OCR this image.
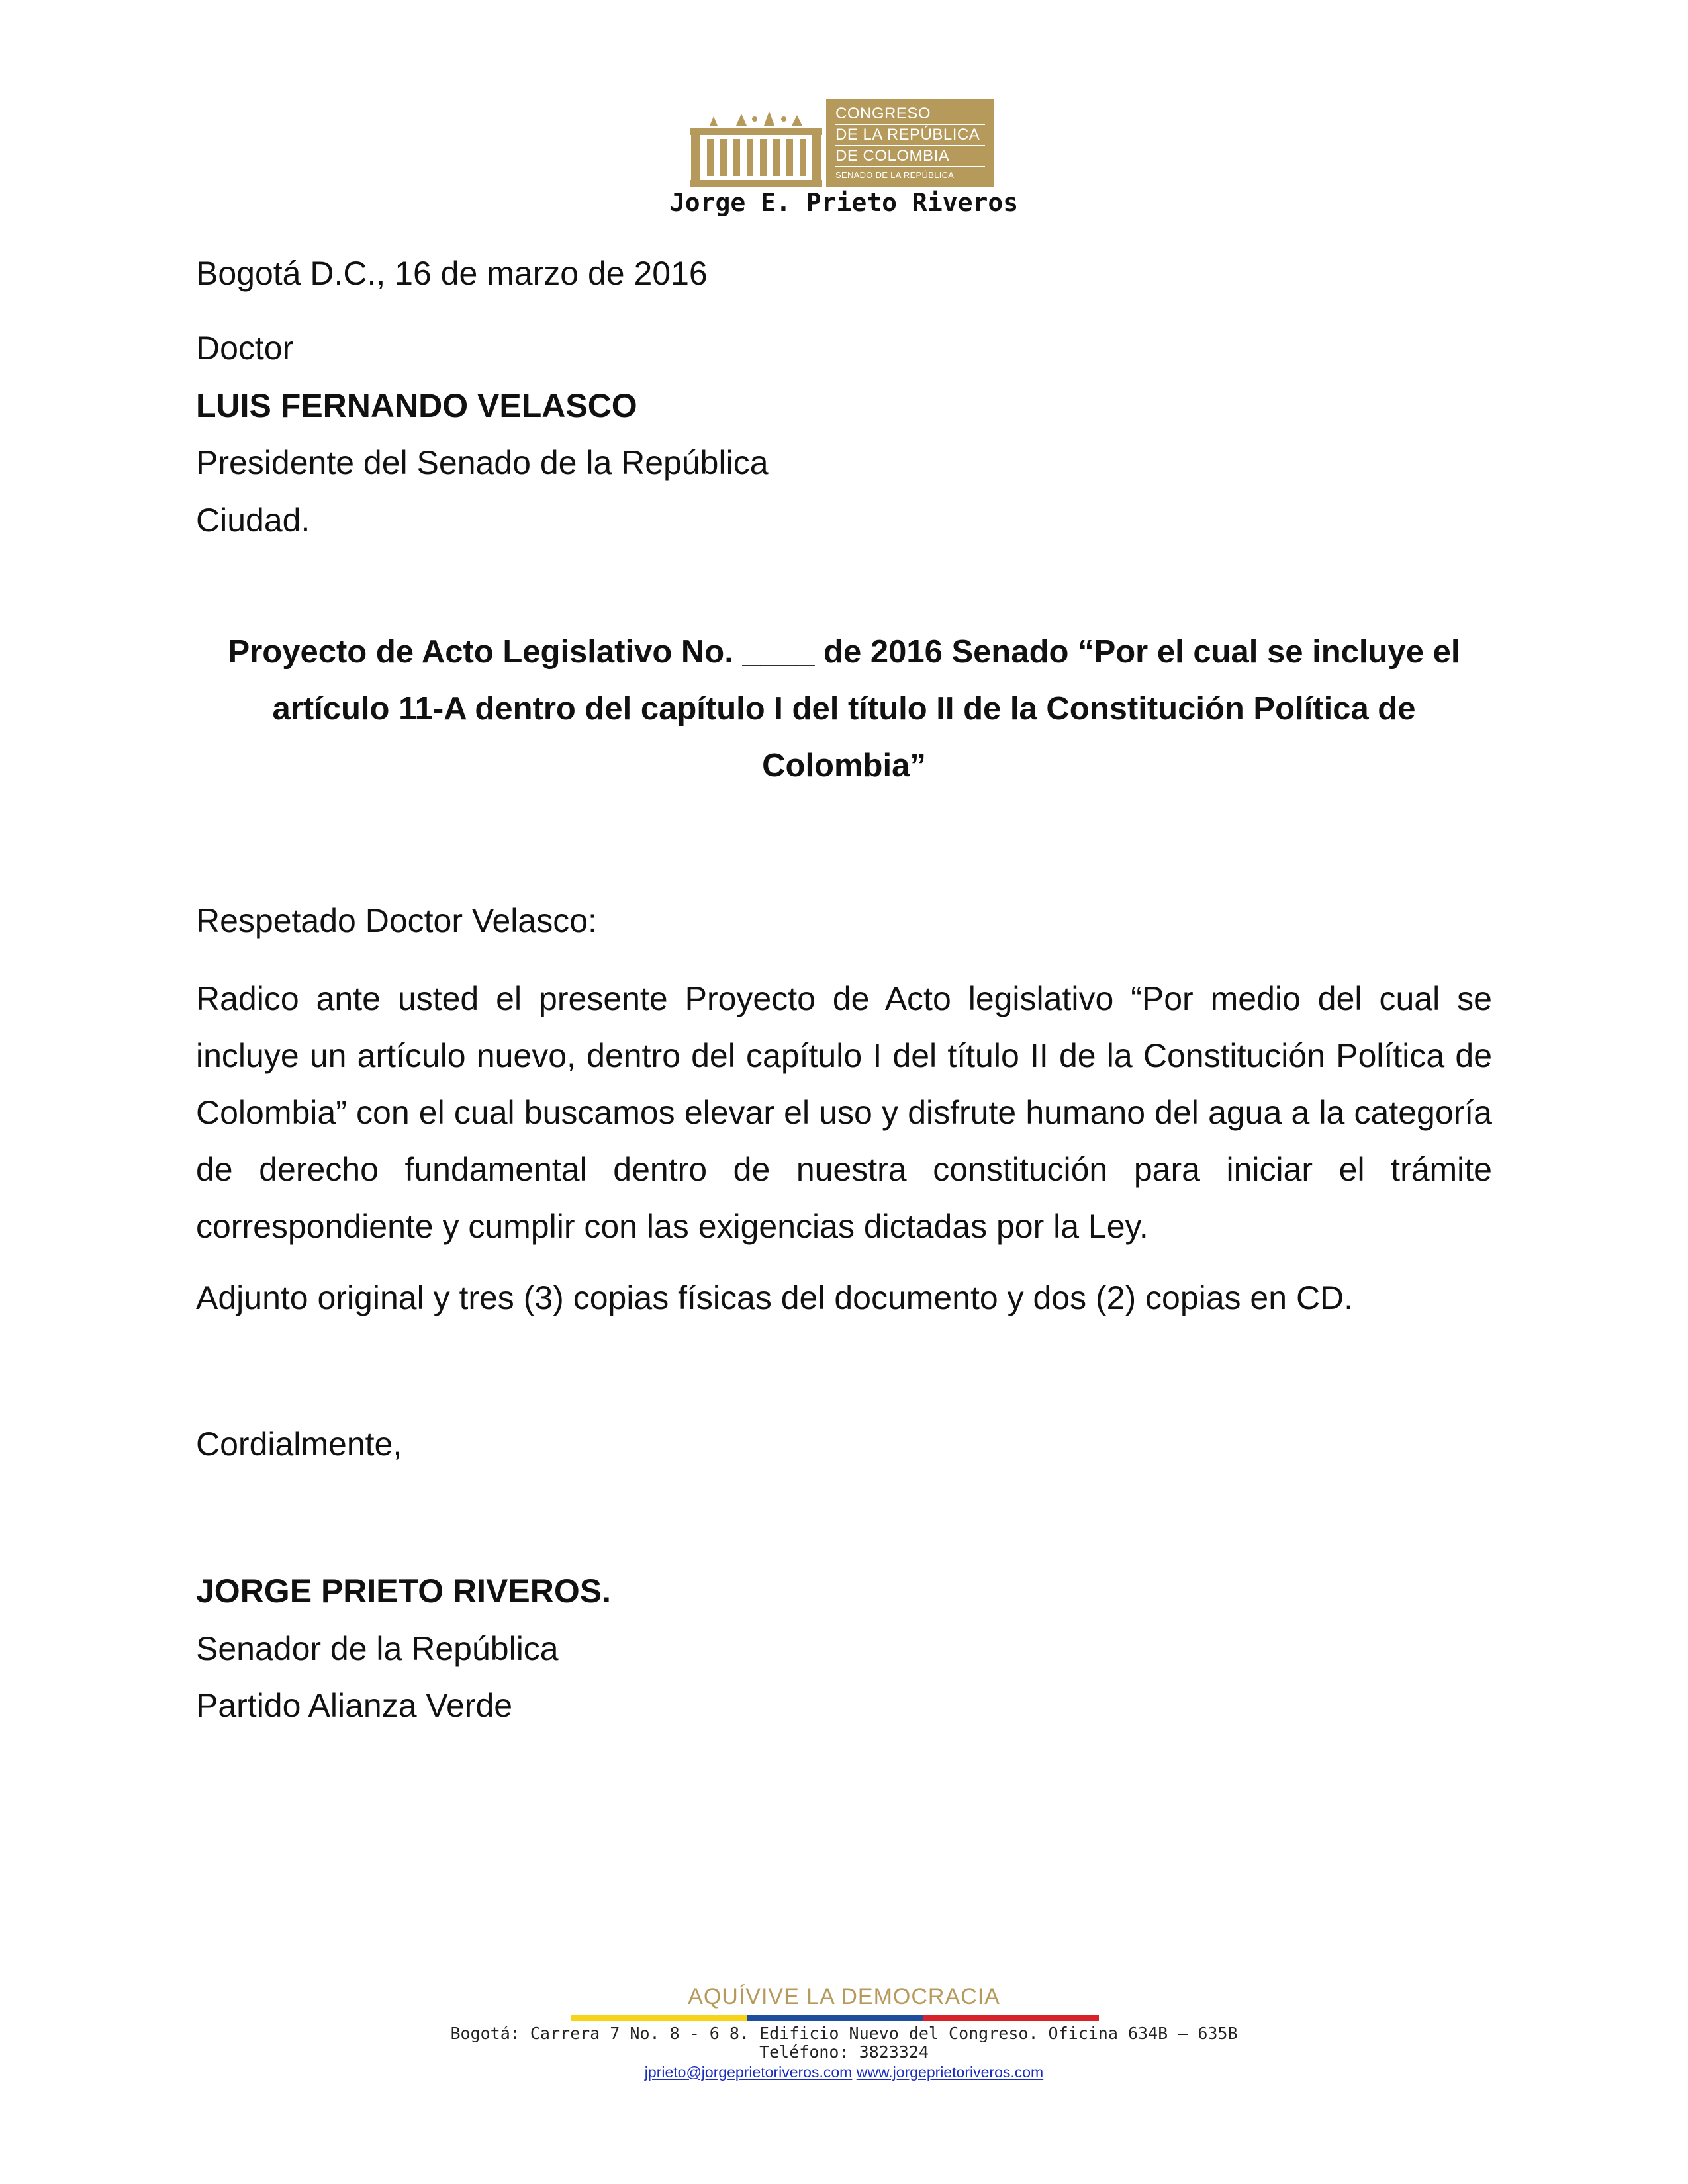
CONGRESO
DE LA REPÚBLICA
DE COLOMBIA
SENADO DE LA REPÚBLICA
Jorge E. Prieto Riveros
Bogotá D.C., 16 de marzo de 2016
Doctor
LUIS FERNANDO VELASCO
Presidente del Senado de la República
Ciudad.
Proyecto de Acto Legislativo No. ____ de 2016 Senado “Por el cual se incluye el artículo 11-A dentro del capítulo I del título II de la Constitución Política de Colombia”
Respetado Doctor Velasco:
Radico ante usted el presente Proyecto de Acto legislativo “Por medio del cual se incluye un artículo nuevo, dentro del capítulo I del título II de la Constitución Política de Colombia” con el cual buscamos elevar el uso y disfrute humano del agua a la categoría de derecho fundamental dentro de nuestra constitución para iniciar el trámite correspondiente y cumplir con las exigencias dictadas por la Ley.
Adjunto original y tres (3) copias físicas del documento y dos (2) copias en CD.
Cordialmente,
JORGE PRIETO RIVEROS.
Senador de la República
Partido Alianza Verde
AQUÍVIVE LA DEMOCRACIA
Bogotá: Carrera 7 No. 8 - 6 8. Edificio Nuevo del Congreso. Oficina 634B – 635B
Teléfono: 3823324
jprieto@jorgeprietoriveros.com www.jorgeprietoriveros.com
